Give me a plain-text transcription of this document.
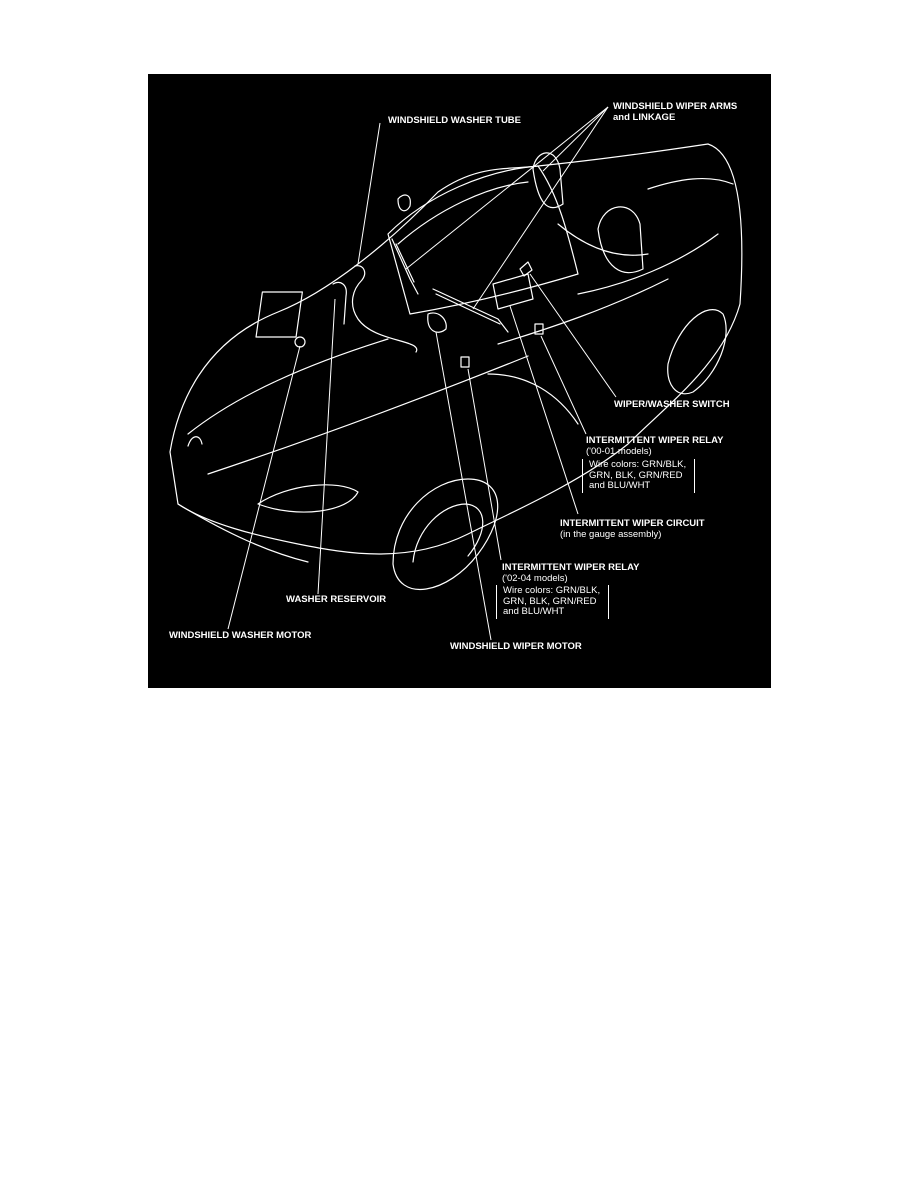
WINDSHIELD WASHER TUBE
WINDSHIELD WIPER ARMS
and LINKAGE
WIPER/WASHER SWITCH
INTERMITTENT WIPER RELAY
('00-01 models)
Wire colors: GRN/BLK,
GRN, BLK, GRN/RED
and BLU/WHT
INTERMITTENT WIPER CIRCUIT
(in the gauge assembly)
INTERMITTENT WIPER RELAY
('02-04 models)
Wire colors: GRN/BLK,
GRN, BLK, GRN/RED
and BLU/WHT
WASHER RESERVOIR
WINDSHIELD WASHER MOTOR
WINDSHIELD WIPER MOTOR
